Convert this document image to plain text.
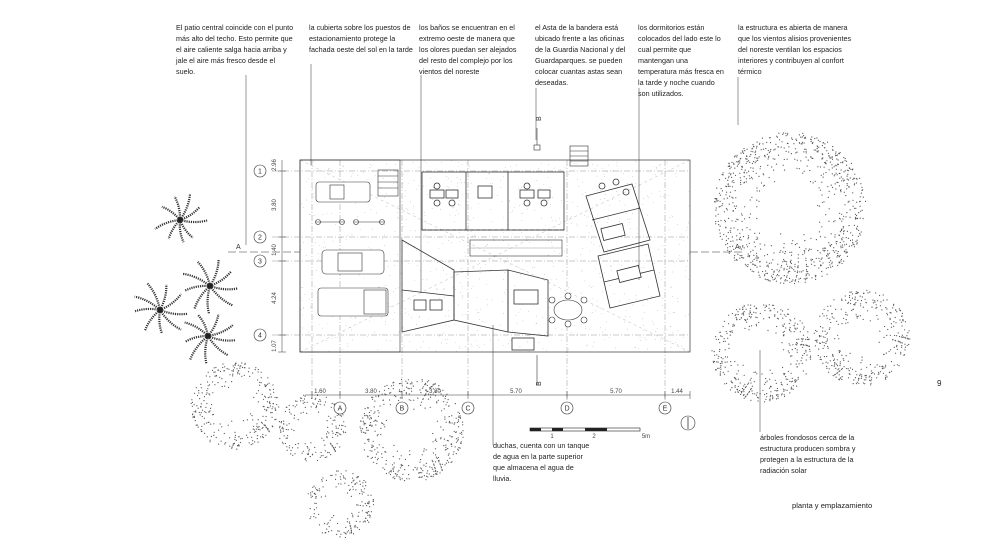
El patio central coincide con el punto más alto del techo. Esto permite que el aire caliente salga hacia arriba y jale el aire más fresco desde el suelo.
la cubierta sobre los puestos de estacionamiento protege la fachada oeste del sol en la tarde
los baños se encuentran en el extremo oeste de manera que los olores puedan ser alejados del resto del complejo por los vientos del noreste
el Asta de la bandera está ubicado frente a las oficinas de la Guardia Nacional y del Guardaparques. se pueden colocar cuantas astas sean deseadas.
los dormitorios están colocados del lado este lo cual permite que mantengan una temperatura más fresca en la tarde y noche cuando son utilizados.
la estructura es abierta de manera que los vientos alisios provenientes del noreste ventilan los espacios interiores y contribuyen al confort térmico
duchas, cuenta con un tanque de agua en la parte superior que almacena el agua de lluvia.
árboles frondosos cerca de la estructura producen sombra y protegen a la estructura de la radiación solar
9
planta y emplazamiento
2.96
3.80
1.40
4.24
1.07
1.60	3.80	3.80	5.70	5.70	1.44
1
2
3
4
A	B	C	D	E
A	A
B
B
1	2	5m
